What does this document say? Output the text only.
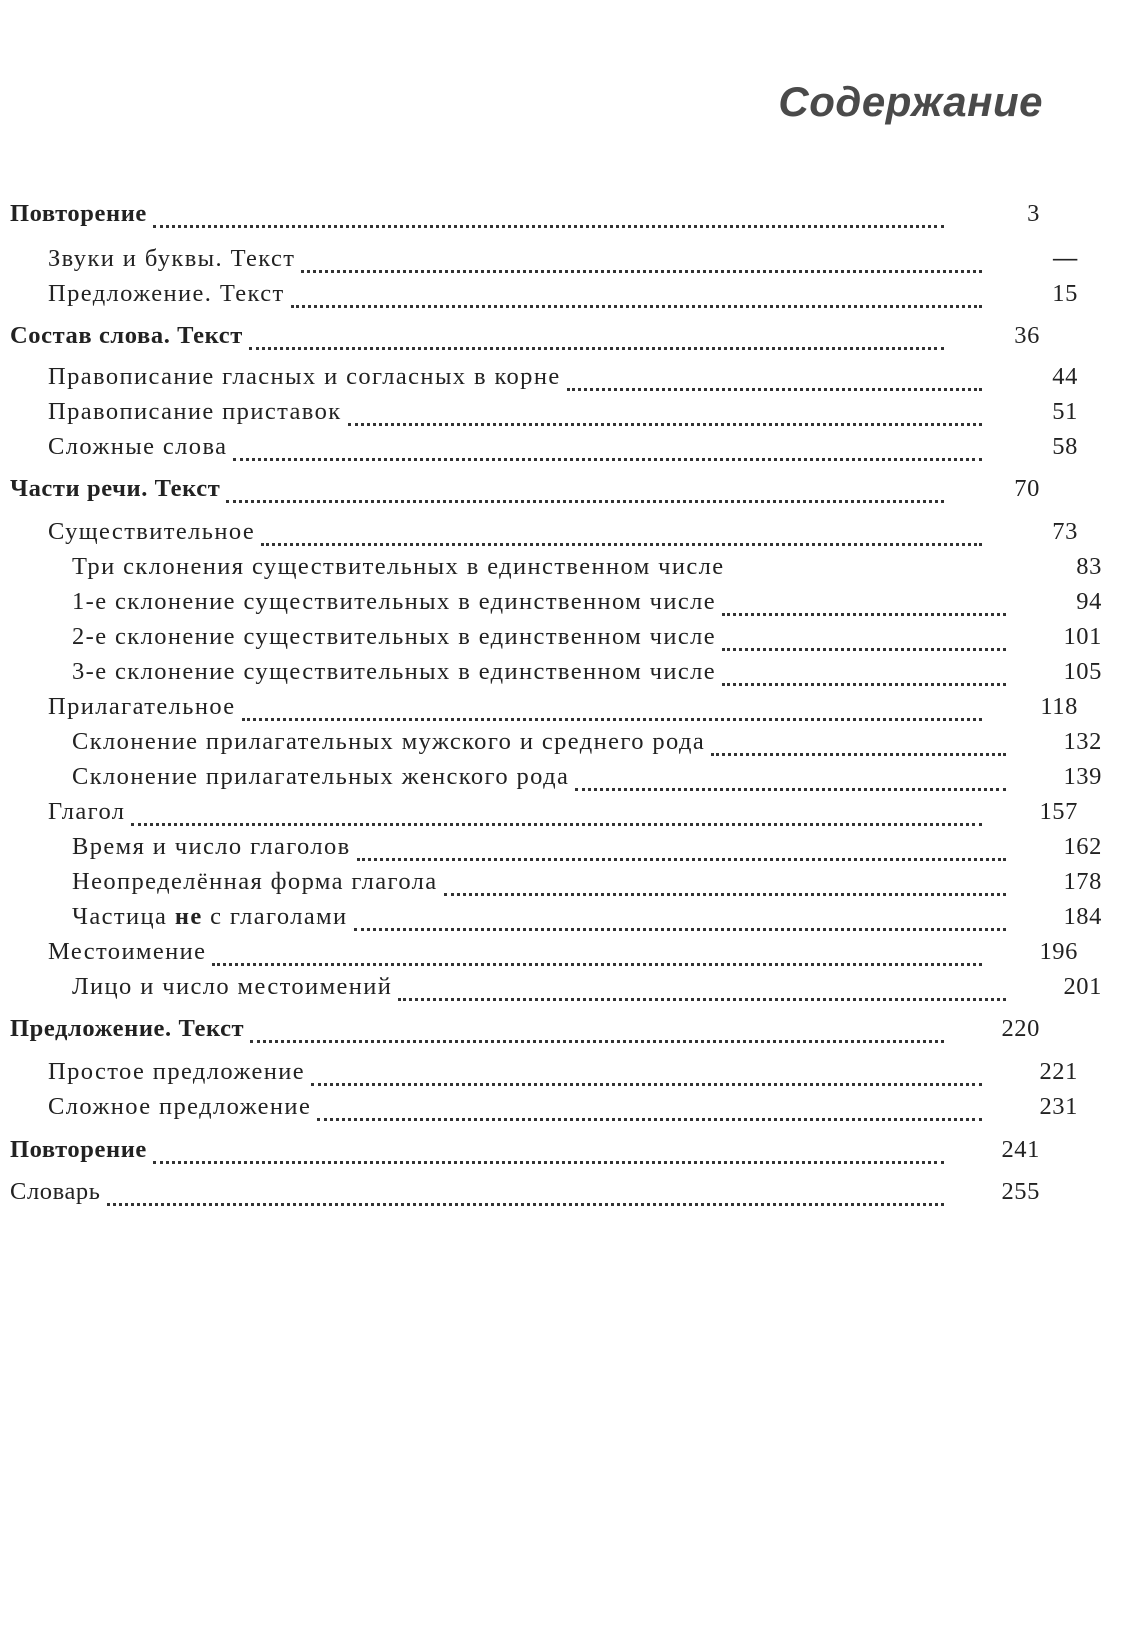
Содержание
Повторение	3
Звуки и буквы. Текст	—
Предложение. Текст	15
Состав слова. Текст	36
Правописание гласных и согласных в корне	44
Правописание приставок	51
Сложные слова	58
Части речи. Текст	70
Существительное	73
Три склонения существительных в единственном числе	83
1-е склонение существительных в единственном числе	94
2-е склонение существительных в единственном числе	101
3-е склонение существительных в единственном числе	105
Прилагательное	118
Склонение прилагательных мужского и среднего рода	132
Склонение прилагательных женского рода	139
Глагол	157
Время и число глаголов	162
Неопределённая форма глагола	178
Частица не с глаголами	184
Местоимение	196
Лицо и число местоимений	201
Предложение. Текст	220
Простое предложение	221
Сложное предложение	231
Повторение	241
Словарь	255
